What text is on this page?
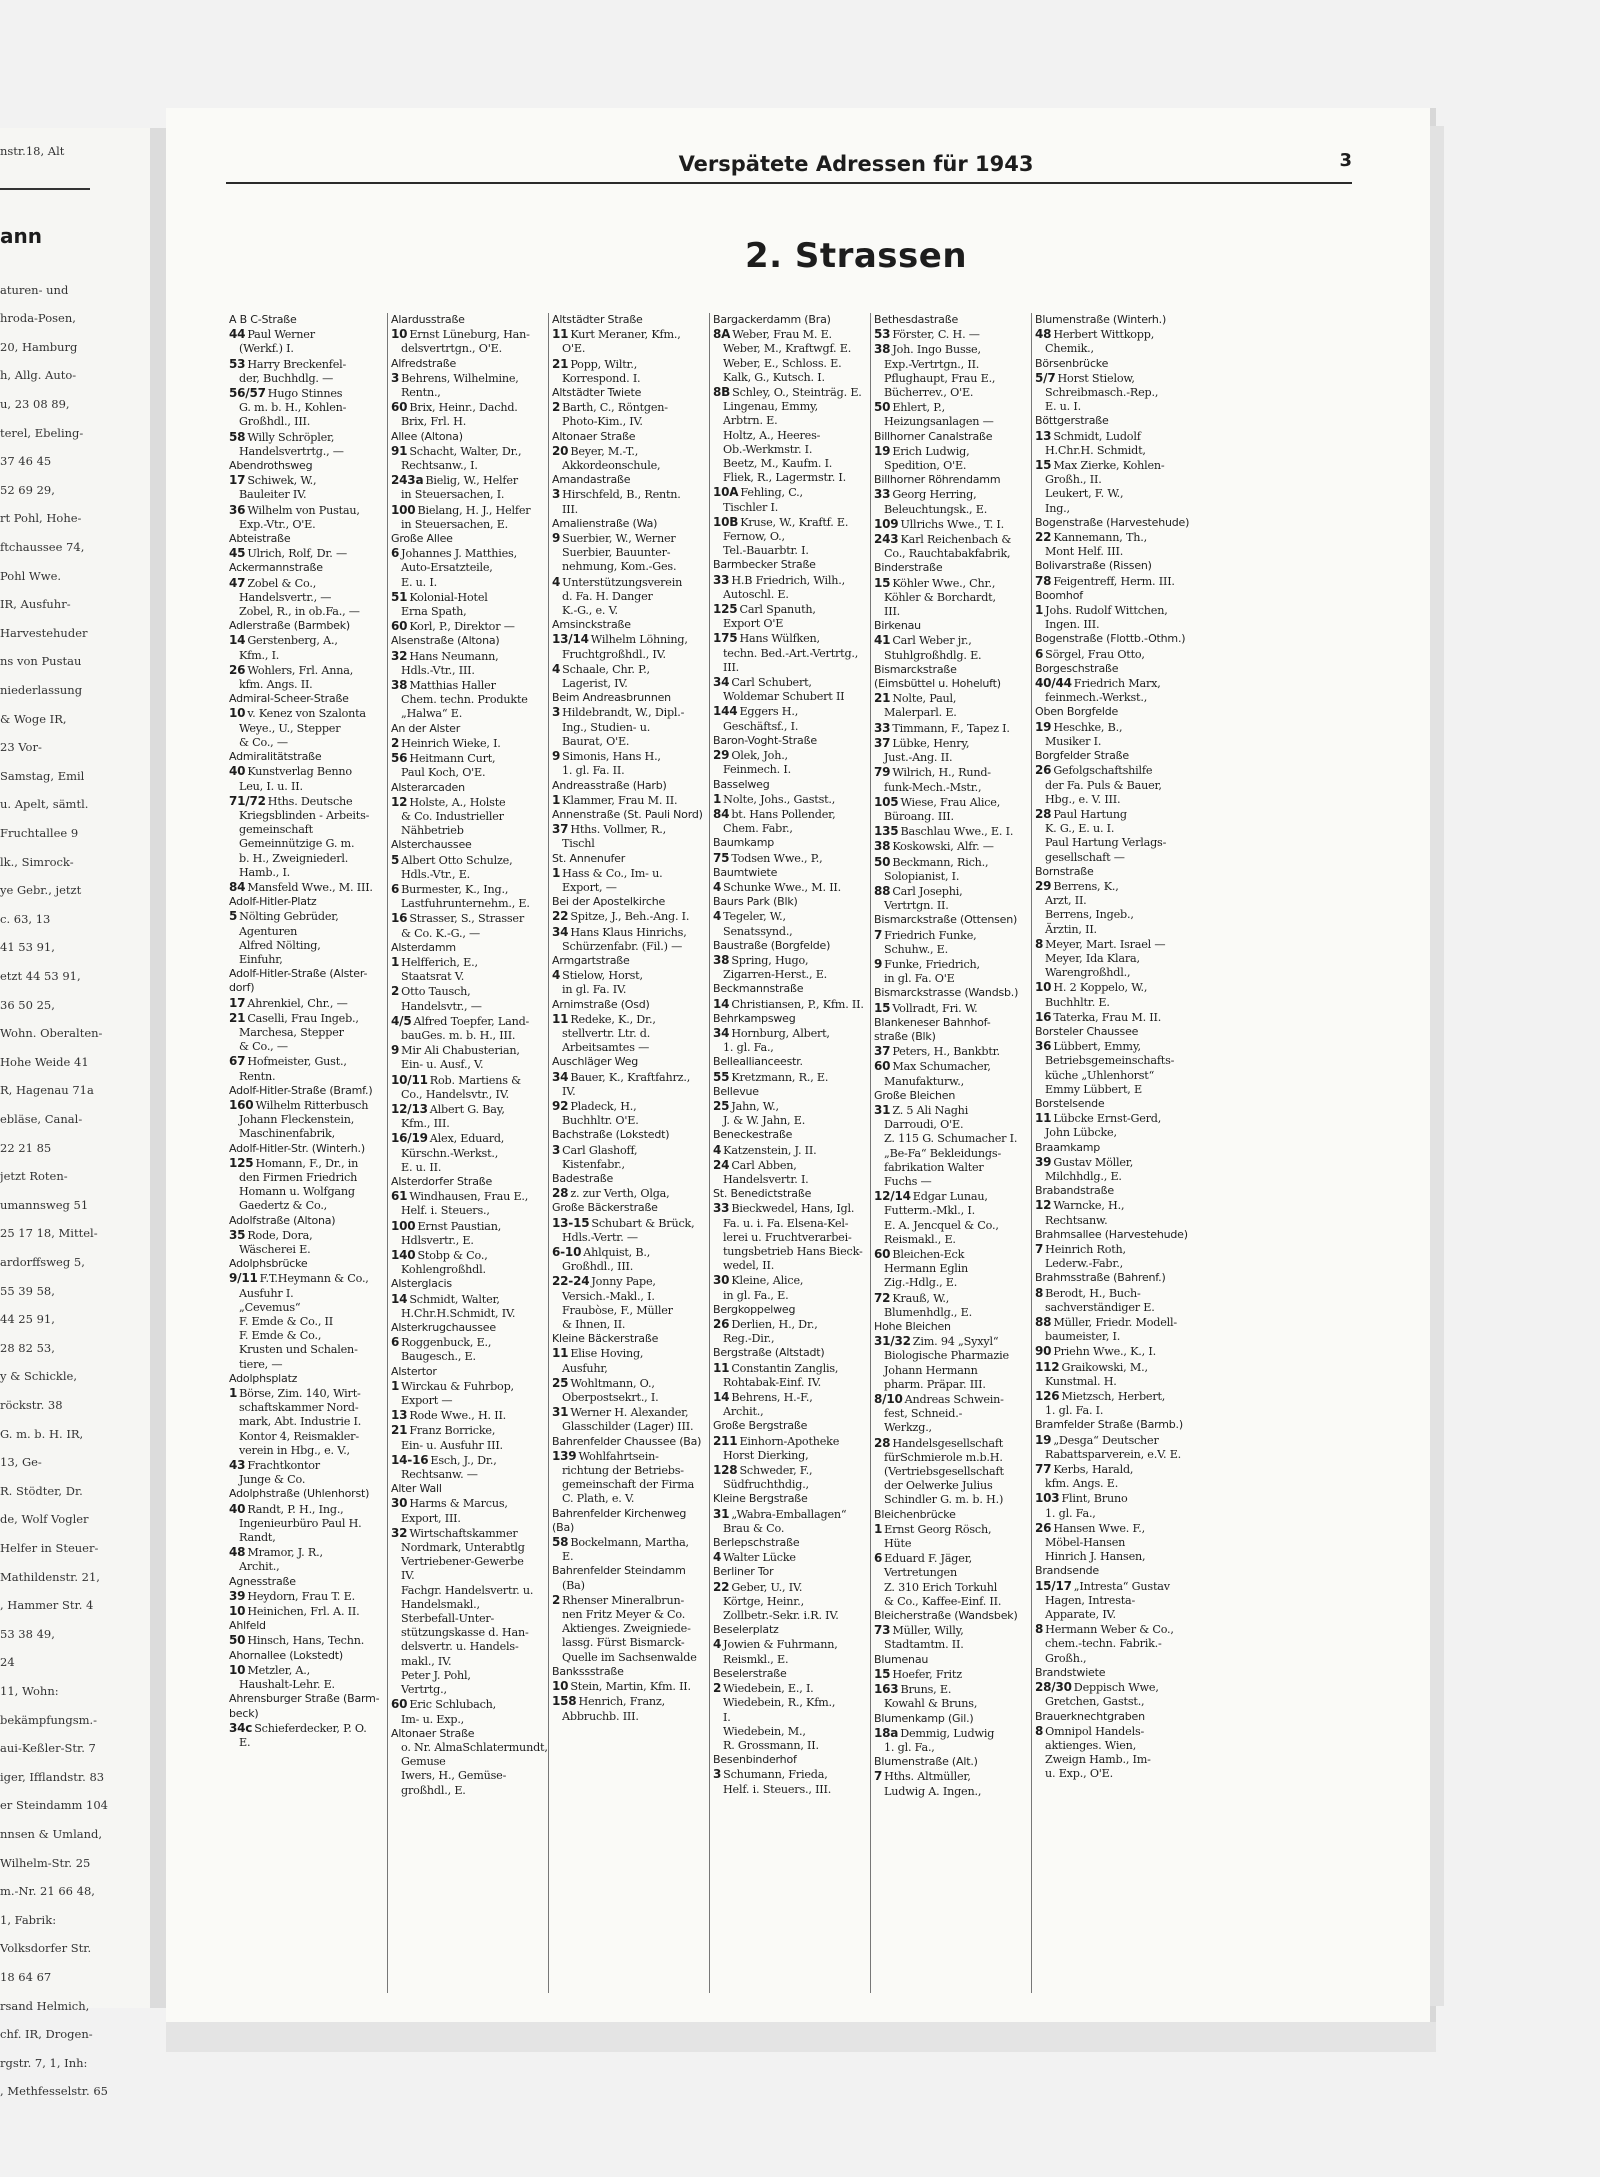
ann
nstr.18, Alt
aturen- und
hroda-Posen,
20, Hamburg
h, Allg. Auto-
u, 23 08 89,
terel, Ebeling-
37 46 45
52 69 29,
rt Pohl, Hohe-
ftchaussee 74,
Pohl Wwe.
IR, Ausfuhr-
Harvestehuder
ns von Pustau
niederlassung
& Woge IR,
23 Vor-
Samstag, Emil
u. Apelt, sämtl.
Fruchtallee 9
lk., Simrock-
ye Gebr., jetzt
c. 63, 13
41 53 91,
etzt 44 53 91,
36 50 25,
Wohn. Oberalten-
Hohe Weide 41
R, Hagenau 71a
ebläse, Canal-
22 21 85
jetzt Roten-
umannsweg 51
25 17 18, Mittel-
ardorffsweg 5,
55 39 58,
44 25 91,
28 82 53,
y & Schickle,
röckstr. 38
G. m. b. H. IR,
13, Ge-
R. Stödter, Dr.
de, Wolf Vogler
Helfer in Steuer-
Mathildenstr. 21,
, Hammer Str. 4
53 38 49,
24
11, Wohn:
bekämpfungsm.-
aui-Keßler-Str. 7
iger, Ifflandstr. 83
er Steindamm 104
nnsen & Umland,
Wilhelm-Str. 25
m.-Nr. 21 66 48,
1, Fabrik:
Volksdorfer Str.
18 64 67
rsand Helmich,
chf. IR, Drogen-
rgstr. 7, 1, Inh:
, Methfesselstr. 65
Verspätete Adressen für 1943	3
2. Strassen
A B C-Straße
44 Paul Werner
(Werkf.) I.
53 Harry Breckenfel-
der, Buchhdlg. —
56/57 Hugo Stinnes
G. m. b. H., Kohlen-
Großhdl., III.
58 Willy Schröpler,
Handelsvertrtg., —
Abendrothsweg
17 Schiwek, W.,
Bauleiter IV.
36 Wilhelm von Pustau,
Exp.-Vtr., O'E.
Abteistraße
45 Ulrich, Rolf, Dr. —
Ackermannstraße
47 Zobel & Co.,
Handelsvertr., —
Zobel, R., in ob.Fa., —
Adlerstraße (Barmbek)
14 Gerstenberg, A.,
Kfm., I.
26 Wohlers, Frl. Anna,
kfm. Angs. II.
Admiral-Scheer-Straße
10 v. Kenez von Szalonta
Weye., U., Stepper
& Co., —
Admiralitätstraße
40 Kunstverlag Benno
Leu, I. u. II.
71/72 Hths. Deutsche
Kriegsblinden - Arbeits-
gemeinschaft
Gemeinnützige G. m.
b. H., Zweigniederl.
Hamb., I.
84 Mansfeld Wwe., M. III.
Adolf-Hitler-Platz
5 Nölting Gebrüder,
Agenturen
Alfred Nölting,
Einfuhr,
Adolf-Hitler-Straße (Alster-
dorf)
17 Ahrenkiel, Chr., —
21 Caselli, Frau Ingeb.,
Marchesa, Stepper
& Co., —
67 Hofmeister, Gust.,
Rentn.
Adolf-Hitler-Straße (Bramf.)
160 Wilhelm Ritterbusch
Johann Fleckenstein,
Maschinenfabrik,
Adolf-Hitler-Str. (Winterh.)
125 Homann, F., Dr., in
den Firmen Friedrich
Homann u. Wolfgang
Gaedertz & Co.,
Adolfstraße (Altona)
35 Rode, Dora,
Wäscherei E.
Adolphsbrücke
9/11 F.T.Heymann & Co.,
Ausfuhr I.
„Cevemus“
F. Emde & Co., II
F. Emde & Co.,
Krusten und Schalen-
tiere, —
Adolphsplatz
1 Börse, Zim. 140, Wirt-
schaftskammer Nord-
mark, Abt. Industrie I.
Kontor 4, Reismakler-
verein in Hbg., e. V.,
43 Frachtkontor
Junge & Co.
Adolphstraße (Uhlenhorst)
40 Randt, P. H., Ing.,
Ingenieurbüro Paul H.
Randt,
48 Mramor, J. R.,
Archit.,
Agnesstraße
39 Heydorn, Frau T. E.
10 Heinichen, Frl. A. II.
Ahlfeld
50 Hinsch, Hans, Techn.
Ahornallee (Lokstedt)
10 Metzler, A.,
Haushalt-Lehr. E.
Ahrensburger Straße (Barm-
beck)
34c Schieferdecker, P. O.
E.
Alardusstraße
10 Ernst Lüneburg, Han-
delsvertrtgn., O'E.
Alfredstraße
3 Behrens, Wilhelmine,
Rentn.,
60 Brix, Heinr., Dachd.
Brix, Frl. H.
Allee (Altona)
91 Schacht, Walter, Dr.,
Rechtsanw., I.
243a Bielig, W., Helfer
in Steuersachen, I.
100 Bielang, H. J., Helfer
in Steuersachen, E.
Große Allee
6 Johannes J. Matthies,
Auto-Ersatzteile,
E. u. I.
51 Kolonial-Hotel
Erna Spath,
60 Korl, P., Direktor —
Alsenstraße (Altona)
32 Hans Neumann,
Hdls.-Vtr., III.
38 Matthias Haller
Chem. techn. Produkte
„Halwa“ E.
An der Alster
2 Heinrich Wieke, I.
56 Heitmann Curt,
Paul Koch, O'E.
Alsterarcaden
12 Holste, A., Holste
& Co. Industrieller
Nähbetrieb
Alsterchaussee
5 Albert Otto Schulze,
Hdls.-Vtr., E.
6 Burmester, K., Ing.,
Lastfuhrunternehm., E.
16 Strasser, S., Strasser
& Co. K.-G., —
Alsterdamm
1 Helfferich, E.,
Staatsrat V.
2 Otto Tausch,
Handelsvtr., —
4/5 Alfred Toepfer, Land-
bauGes. m. b. H., III.
9 Mir Ali Chabusterian,
Ein- u. Ausf., V.
10/11 Rob. Martiens &
Co., Handelsvtr., IV.
12/13 Albert G. Bay,
Kfm., III.
16/19 Alex, Eduard,
Kürschn.-Werkst.,
E. u. II.
Alsterdorfer Straße
61 Windhausen, Frau E.,
Helf. i. Steuers.,
100 Ernst Paustian,
Hdlsvertr., E.
140 Stobp & Co.,
Kohlengroßhdl.
Alsterglacis
14 Schmidt, Walter,
H.Chr.H.Schmidt, IV.
Alsterkrugchaussee
6 Roggenbuck, E.,
Baugesch., E.
Alstertor
1 Wirckau & Fuhrbop,
Export —
13 Rode Wwe., H. II.
21 Franz Borricke,
Ein- u. Ausfuhr III.
14-16 Esch, J., Dr.,
Rechtsanw. —
Alter Wall
30 Harms & Marcus,
Export, III.
32 Wirtschaftskammer
Nordmark, Unterabtlg
Vertriebener-Gewerbe
IV.
Fachgr. Handelsvertr. u.
Handelsmakl.,
Sterbefall-Unter-
stützungskasse d. Han-
delsvertr. u. Handels-
makl., IV.
Peter J. Pohl,
Vertrtg.,
60 Eric Schlubach,
Im- u. Exp.,
Altonaer Straße
o. Nr. AlmaSchlatermundt,
Gemuse
Iwers, H., Gemüse-
großhdl., E.
Altstädter Straße
11 Kurt Meraner, Kfm.,
O'E.
21 Popp, Wiltr.,
Korrespond. I.
Altstädter Twiete
2 Barth, C., Röntgen-
Photo-Kim., IV.
Altonaer Straße
20 Beyer, M.-T.,
Akkordeonschule,
Amandastraße
3 Hirschfeld, B., Rentn.
III.
Amalienstraße (Wa)
9 Suerbier, W., Werner
Suerbier, Bauunter-
nehmung, Kom.-Ges.
4 Unterstützungsverein
d. Fa. H. Danger
K.-G., e. V.
Amsinckstraße
13/14 Wilhelm Löhning,
Fruchtgroßhdl., IV.
4 Schaale, Chr. P.,
Lagerist, IV.
Beim Andreasbrunnen
3 Hildebrandt, W., Dipl.-
Ing., Studien- u.
Baurat, O'E.
9 Simonis, Hans H.,
1. gl. Fa. II.
Andreasstraße (Harb)
1 Klammer, Frau M. II.
Annenstraße (St. Pauli Nord)
37 Hths. Vollmer, R.,
Tischl
St. Annenufer
1 Hass & Co., Im- u.
Export, —
Bei der Apostelkirche
22 Spitze, J., Beh.-Ang. I.
34 Hans Klaus Hinrichs,
Schürzenfabr. (Fil.) —
Armgartstraße
4 Stielow, Horst,
in gl. Fa. IV.
Arnimstraße (Osd)
11 Redeke, K., Dr.,
stellvertr. Ltr. d.
Arbeitsamtes —
Auschläger Weg
34 Bauer, K., Kraftfahrz.,
IV.
92 Pladeck, H.,
Buchhltr. O'E.
Bachstraße (Lokstedt)
3 Carl Glashoff,
Kistenfabr.,
Badestraße
28 z. zur Verth, Olga,
Große Bäckerstraße
13-15 Schubart & Brück,
Hdls.-Vertr. —
6-10 Ahlquist, B.,
Großhdl., III.
22-24 Jonny Pape,
Versich.-Makl., I.
Fraubòse, F., Müller
& Ihnen, II.
Kleine Bäckerstraße
11 Elise Hoving,
Ausfuhr,
25 Wohltmann, O.,
Oberpostsekrt., I.
31 Werner H. Alexander,
Glasschilder (Lager) III.
Bahrenfelder Chaussee (Ba)
139 Wohlfahrtsein-
richtung der Betriebs-
gemeinschaft der Firma
C. Plath, e. V.
Bahrenfelder Kirchenweg
(Ba)
58 Bockelmann, Martha,
E.
Bahrenfelder Steindamm
(Ba)
2 Rhenser Mineralbrun-
nen Fritz Meyer & Co.
Aktienges. Zweigniede-
lassg. Fürst Bismarck-
Quelle im Sachsenwalde
Bankssstraße
10 Stein, Martin, Kfm. II.
158 Henrich, Franz,
Abbruchb. III.
Bargackerdamm (Bra)
8A Weber, Frau M. E.
Weber, M., Kraftwgf. E.
Weber, E., Schloss. E.
Kalk, G., Kutsch. I.
8B Schley, O., Steinträg. E.
Lingenau, Emmy,
Arbtrn. E.
Holtz, A., Heeres-
Ob.-Werkmstr. I.
Beetz, M., Kaufm. I.
Fliek, R., Lagermstr. I.
10A Fehling, C.,
Tischler I.
10B Kruse, W., Kraftf. E.
Fernow, O.,
Tel.-Bauarbtr. I.
Barmbecker Straße
33 H.B Friedrich, Wilh.,
Autoschl. E.
125 Carl Spanuth,
Export O'E
175 Hans Wülfken,
techn. Bed.-Art.-Vertrtg.,
III.
34 Carl Schubert,
Woldemar Schubert II
144 Eggers H.,
Geschäftsf., I.
Baron-Voght-Straße
29 Olek, Joh.,
Feinmech. I.
Basselweg
1 Nolte, Johs., Gastst.,
84 bt. Hans Pollender,
Chem. Fabr.,
Baumkamp
75 Todsen Wwe., P.,
Baumtwiete
4 Schunke Wwe., M. II.
Baurs Park (Blk)
4 Tegeler, W.,
Senatssynd.,
Baustraße (Borgfelde)
38 Spring, Hugo,
Zigarren-Herst., E.
Beckmannstraße
14 Christiansen, P., Kfm. II.
Behrkampsweg
34 Hornburg, Albert,
1. gl. Fa.,
Belleallianceestr.
55 Kretzmann, R., E.
Bellevue
25 Jahn, W.,
J. & W. Jahn, E.
Beneckestraße
4 Katzenstein, J. II.
24 Carl Abben,
Handelsvertr. I.
St. Benedictstraße
33 Bieckwedel, Hans, Igl.
Fa. u. i. Fa. Elsena-Kel-
lerei u. Fruchtverarbei-
tungsbetrieb Hans Bieck-
wedel, II.
30 Kleine, Alice,
in gl. Fa., E.
Bergkoppelweg
26 Derlien, H., Dr.,
Reg.-Dir.,
Bergstraße (Altstadt)
11 Constantin Zanglis,
Rohtabak-Einf. IV.
14 Behrens, H.-F.,
Archit.,
Große Bergstraße
211 Einhorn-Apotheke
Horst Dierking,
128 Schweder, F.,
Südfruchthdig.,
Kleine Bergstraße
31 „Wabra-Emballagen“
Brau & Co.
Berlepschstraße
4 Walter Lücke
Berliner Tor
22 Geber, U., IV.
Körtge, Heinr.,
Zollbetr.-Sekr. i.R. IV.
Beselerplatz
4 Jowien & Fuhrmann,
Reismkl., E.
Beselerstraße
2 Wiedebein, E., I.
Wiedebein, R., Kfm.,
I.
Wiedebein, M.,
R. Grossmann, II.
Besenbinderhof
3 Schumann, Frieda,
Helf. i. Steuers., III.
Bethesdastraße
53 Förster, C. H. —
38 Joh. Ingo Busse,
Exp.-Vertrtgn., II.
Pflughaupt, Frau E.,
Bücherrev., O'E.
50 Ehlert, P.,
Heizungsanlagen —
Billhorner Canalstraße
19 Erich Ludwig,
Spedition, O'E.
Billhorner Röhrendamm
33 Georg Herring,
Beleuchtungsk., E.
109 Ullrichs Wwe., T. I.
243 Karl Reichenbach &
Co., Rauchtabakfabrik,
Binderstraße
15 Köhler Wwe., Chr.,
Köhler & Borchardt,
III.
Birkenau
41 Carl Weber jr.,
Stuhlgroßhdlg. E.
Bismarckstraße
(Eimsbüttel u. Hoheluft)
21 Nolte, Paul,
Malerparl. E.
33 Timmann, F., Tapez I.
37 Lübke, Henry,
Just.-Ang. II.
79 Wilrich, H., Rund-
funk-Mech.-Mstr.,
105 Wiese, Frau Alice,
Büroang. III.
135 Baschlau Wwe., E. I.
38 Koskowski, Alfr. —
50 Beckmann, Rich.,
Solopianist, I.
88 Carl Josephi,
Vertrtgn. II.
Bismarckstraße (Ottensen)
7 Friedrich Funke,
Schuhw., E.
9 Funke, Friedrich,
in gl. Fa. O'E
Bismarckstrasse (Wandsb.)
15 Vollradt, Fri. W.
Blankeneser Bahnhof-
straße (Blk)
37 Peters, H., Bankbtr.
60 Max Schumacher,
Manufakturw.,
Große Bleichen
31 Z. 5 Ali Naghi
Darroudi, O'E.
Z. 115 G. Schumacher I.
„Be-Fa“ Bekleidungs-
fabrikation Walter
Fuchs —
12/14 Edgar Lunau,
Futterm.-Mkl., I.
E. A. Jencquel & Co.,
Reismakl., E.
60 Bleichen-Eck
Hermann Eglin
Zig.-Hdlg., E.
72 Krauß, W.,
Blumenhdlg., E.
Hohe Bleichen
31/32 Zim. 94 „Syxyl“
Biologische Pharmazie
Johann Hermann
pharm. Präpar. III.
8/10 Andreas Schwein-
fest, Schneid.-
Werkzg.,
28 Handelsgesellschaft
fürSchmierole m.b.H.
(Vertriebsgesellschaft
der Oelwerke Julius
Schindler G. m. b. H.)
Bleichenbrücke
1 Ernst Georg Rösch,
Hüte
6 Eduard F. Jäger,
Vertretungen
Z. 310 Erich Torkuhl
& Co., Kaffee-Einf. II.
Bleicherstraße (Wandsbek)
73 Müller, Willy,
Stadtamtm. II.
Blumenau
15 Hoefer, Fritz
163 Bruns, E.
Kowahl & Bruns,
Blumenkamp (Gil.)
18a Demmig, Ludwig
1. gl. Fa.,
Blumenstraße (Alt.)
7 Hths. Altmüller,
Ludwig A. Ingen.,
Blumenstraße (Winterh.)
48 Herbert Wittkopp,
Chemik.,
Börsenbrücke
5/7 Horst Stielow,
Schreibmasch.-Rep.,
E. u. I.
Böttgerstraße
13 Schmidt, Ludolf
H.Chr.H. Schmidt,
15 Max Zierke, Kohlen-
Großh., II.
Leukert, F. W.,
Ing.,
Bogenstraße (Harvestehude)
22 Kannemann, Th.,
Mont Helf. III.
Bolivarstraße (Rissen)
78 Feigentreff, Herm. III.
Boomhof
1 Johs. Rudolf Wittchen,
Ingen. III.
Bogenstraße (Flottb.-Othm.)
6 Sörgel, Frau Otto,
Borgeschstraße
40/44 Friedrich Marx,
feinmech.-Werkst.,
Oben Borgfelde
19 Heschke, B.,
Musiker I.
Borgfelder Straße
26 Gefolgschaftshilfe
der Fa. Puls & Bauer,
Hbg., e. V. III.
28 Paul Hartung
K. G., E. u. I.
Paul Hartung Verlags-
gesellschaft —
Bornstraße
29 Berrens, K.,
Arzt, II.
Berrens, Ingeb.,
Ärztin, II.
8 Meyer, Mart. Israel —
Meyer, Ida Klara,
Warengroßhdl.,
10 H. 2 Koppelo, W.,
Buchhltr. E.
16 Taterka, Frau M. II.
Borsteler Chaussee
36 Lübbert, Emmy,
Betriebsgemeinschafts-
küche „Uhlenhorst“
Emmy Lübbert, E
Borstelsende
11 Lübcke Ernst-Gerd,
John Lübcke,
Braamkamp
39 Gustav Möller,
Milchhdlg., E.
Brabandstraße
12 Warncke, H.,
Rechtsanw.
Brahmsallee (Harvestehude)
7 Heinrich Roth,
Lederw.-Fabr.,
Brahmsstraße (Bahrenf.)
8 Berodt, H., Buch-
sachverständiger E.
88 Müller, Friedr. Modell-
baumeister, I.
90 Priehn Wwe., K., I.
112 Graikowski, M.,
Kunstmal. H.
126 Mietzsch, Herbert,
1. gl. Fa. I.
Bramfelder Straße (Barmb.)
19 „Desga“ Deutscher
Rabattsparverein, e.V. E.
77 Kerbs, Harald,
kfm. Angs. E.
103 Flint, Bruno
1. gl. Fa.,
26 Hansen Wwe. F.,
Möbel-Hansen
Hinrich J. Hansen,
Brandsende
15/17 „Intresta“ Gustav
Hagen, Intresta-
Apparate, IV.
8 Hermann Weber & Co.,
chem.-techn. Fabrik.-
Großh.,
Brandstwiete
28/30 Deppisch Wwe,
Gretchen, Gastst.,
Brauerknechtgraben
8 Omnipol Handels-
aktienges. Wien,
Zweign Hamb., Im-
u. Exp., O'E.
